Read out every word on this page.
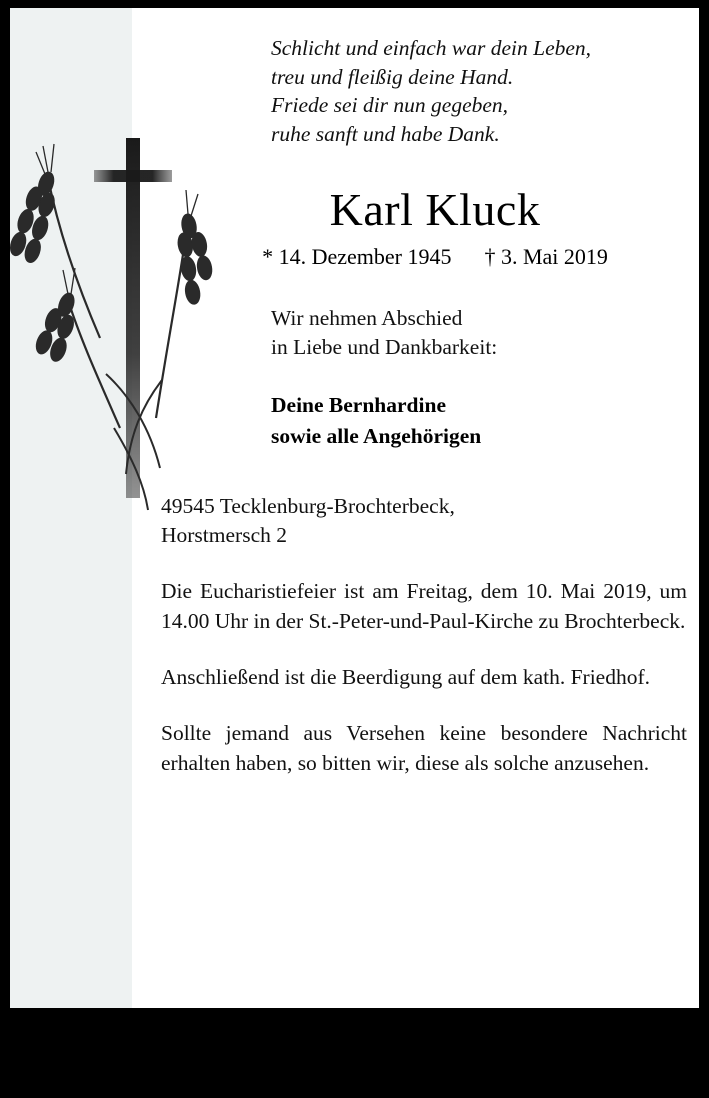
Schlicht und einfach war dein Leben,
treu und fleißig deine Hand.
Friede sei dir nun gegeben,
ruhe sanft und habe Dank.
Karl Kluck
* 14. Dezember 1945 † 3. Mai 2019
Wir nehmen Abschied
in Liebe und Dankbarkeit:
Deine Bernhardine
sowie alle Angehörigen
49545 Tecklenburg-Brochterbeck,
Horstmersch 2
Die Eucharistiefeier ist am Freitag, dem 10. Mai 2019, um 14.00 Uhr in der St.-Peter-und-Paul-Kirche zu Brochterbeck.
Anschließend ist die Beerdigung auf dem kath. Friedhof.
Sollte jemand aus Versehen keine besondere Nachricht erhalten haben, so bitten wir, diese als solche anzusehen.
